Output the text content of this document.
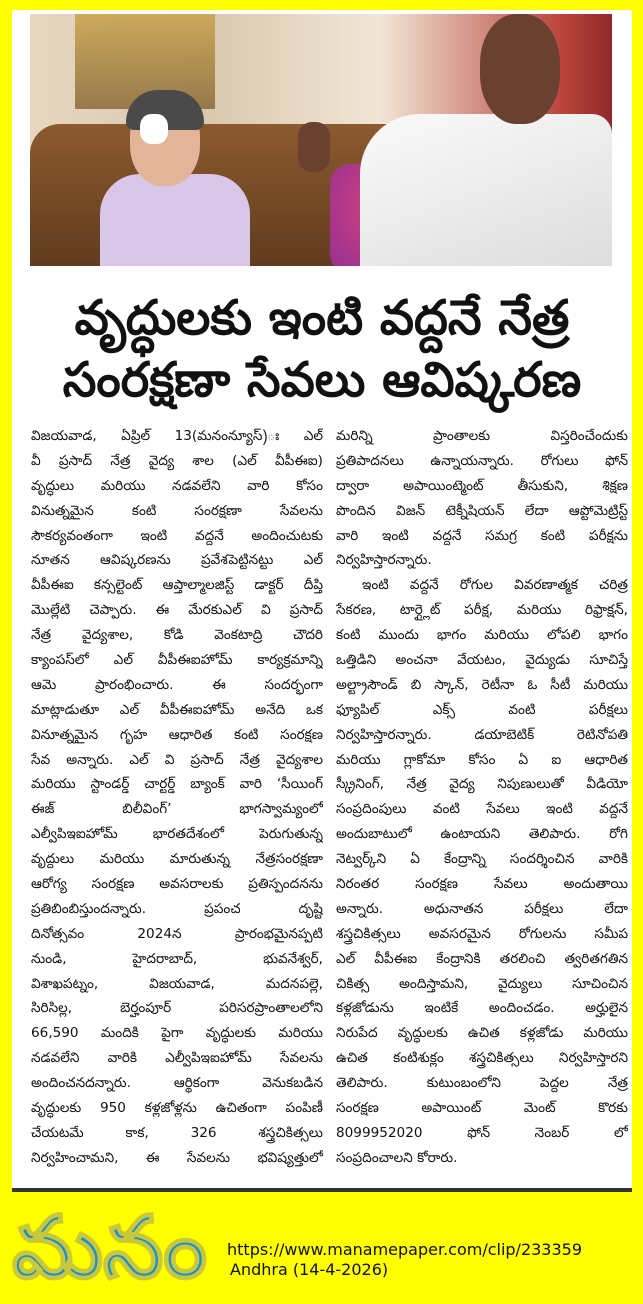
వృద్ధులకు ఇంటి వద్దనే నేత్ర
సంరక్షణా సేవలు ఆవిష్కరణ
విజయవాడ, ఏప్రిల్ 13(మనంన్యూస్)ః ఎల్
వీ ప్రసాద్ నేత్ర వైద్య శాల (ఎల్ వీపీఈఐ)
వృద్ధులు మరియు నడవలేని వారి కోసం
వినుత్నమైన కంటి సంరక్షణా సేవలను
సౌకర్యవంతంగా ఇంటి వద్దనే అందించుటకు
నూతన ఆవిష్కరణను ప్రవేశపెట్టినట్టు ఎల్
వీపీఈఐ కన్సల్టెంట్ ఆప్తాల్మాలజిస్ట్ డాక్టర్ దీప్తి
మొల్లేటి చెప్పారు. ఈ మేరకుఎల్ వి ప్రసాద్
నేత్ర వైద్యశాల, కోడి వెంకటాద్రి చౌదరి
క్యాంపస్‌లో ఎల్ వీపీఈఐహోమ్ కార్యక్రమాన్ని
ఆమె ప్రారంభించారు. ఈ సందర్భంగా
మాట్లాడుతూ ఎల్ వీపీఈఐహోమ్ అనేది ఒక
వినూత్నమైన గృహ ఆధారిత కంటి సంరక్షణ
సేవ అన్నారు. ఎల్ వి ప్రసాద్ నేత్ర వైద్యశాల
మరియు స్టాండర్డ్ చార్టర్డ్ బ్యాంక్ వారి ‘సీయింగ్
ఈజ్ బిలీవింగ్’ భాగస్వామ్యంలో
ఎల్వీపిఇఐహోమ్ భారతదేశంలో పెరుగుతున్న
వృద్దులు మరియు మారుతున్న నేత్రసంరక్షణా
ఆరోగ్య సంరక్షణ అవసరాలకు ప్రతిస్పందనను
ప్రతిబింబిస్తుందన్నారు. ప్రపంచ దృష్టి
దినోత్సవం 2024న ప్రారంభమైనప్పటి
నుండి, హైదరాబాద్, భువనేశ్వర్,
విశాఖపట్నం, విజయవాడ, మదనపల్లె,
సిరిసిల్ల, బెర్హంపూర్ పరిసరప్రాంతాలలోని
66,590 మందికి పైగా వృద్ధులకు మరియు
నడవలేని వారికి ఎల్వీపిఇఐహోమ్ సేవలను
అందించనదన్నారు. ఆర్థికంగా వెనుకబడిన
వృద్ధులకు 950 కళ్లజోళ్లను ఉచితంగా పంపిణీ
చేయటమే కాక, 326 శస్త్రచికిత్సలు
నిర్వహించామని, ఈ సేవలను భవిష్యత్తులో
మరిన్ని ప్రాంతాలకు విస్తరించేందుకు
ప్రతిపాదనలు ఉన్నాయన్నారు. రోగులు ఫోన్
ద్వారా అపాయింట్మెంట్ తీసుకుని, శిక్షణ
పొందిన విజన్ టెక్నీషియన్ లేదా ఆప్టోమెట్రిస్ట్
వారి ఇంటి వద్దనే సమగ్ర కంటి పరీక్షను
నిర్వహిస్తారన్నారు.
ఇంటి వద్దనే రోగుల వివరణాత్మక చరిత్ర
సేకరణ, టార్గ్లైట్ పరీక్ష, మరియు రిఫ్రాక్షన్,
కంటి ముందు భాగం మరియు లోపలి భాగం
ఒత్తిడిని అంచనా వేయటం, వైద్యుడు సూచిస్తే
అల్ట్రాసౌండ్ బి స్కాన్, రెటీనా ఓ సీటీ మరియు
ఫ్యూపిల్ ఎక్స్ వంటి పరీక్షలు
నిర్వహిస్తారన్నారు. డయాబెటిక్ రెటినోపతి
మరియు గ్లాకోమా కోసం ఏ ఐ ఆధారిత
స్క్రీనింగ్, నేత్ర వైద్య నిపుణులుతో వీడియో
సంప్రదింపులు వంటి సేవలు ఇంటి వద్దనే
అందుబాటులో ఉంటాయని తెలిపారు. రోగి
నెట్వర్క్‌ని ఏ కేంద్రాన్ని సందర్శించిన వారికి
నిరంతర సంరక్షణ సేవలు అందుతాయి
అన్నారు. అధునాతన పరీక్షలు లేదా
శస్త్రచికిత్సలు అవసరమైన రోగులను సమీప
ఎల్ వీపీఈఐ కేంద్రానికి తరలించి త్వరితగతిన
చికిత్స అందిస్తామని, వైద్యులు సూచించిన
కళ్లజోడును ఇంటికే అందించడం. అర్హులైన
నిరుపేద వృద్ధులకు ఉచిత కళ్లజోడు మరియు
ఉచిత కంటిశుక్లం శస్త్రచికిత్సలు నిర్వహిస్తారని
తెలిపారు. కుటుంబంలోని పెద్దల నేత్ర
సంరక్షణ అపాయింట్ మెంట్ కొరకు
8099952020 ఫోన్ నెంబర్ లో
సంప్రదించాలని కోరారు.
మనం https://www.manamepaper.com/clip/233359
Andhra (14-4-2026)
